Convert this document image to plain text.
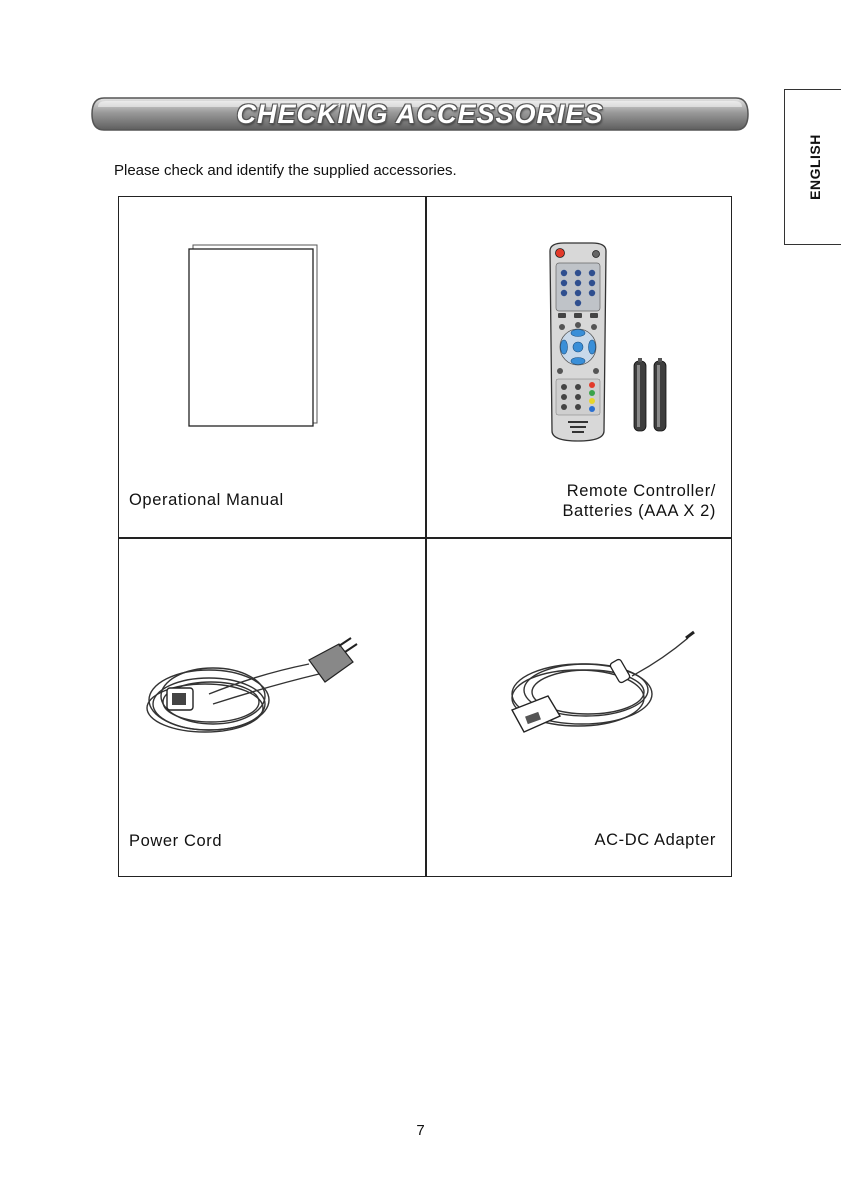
CHECKING ACCESSORIES
ENGLISH
Please check and identify the supplied accessories.
Operational Manual	Remote Controller/
Batteries (AAA X 2)
Power Cord	AC-DC Adapter
7
